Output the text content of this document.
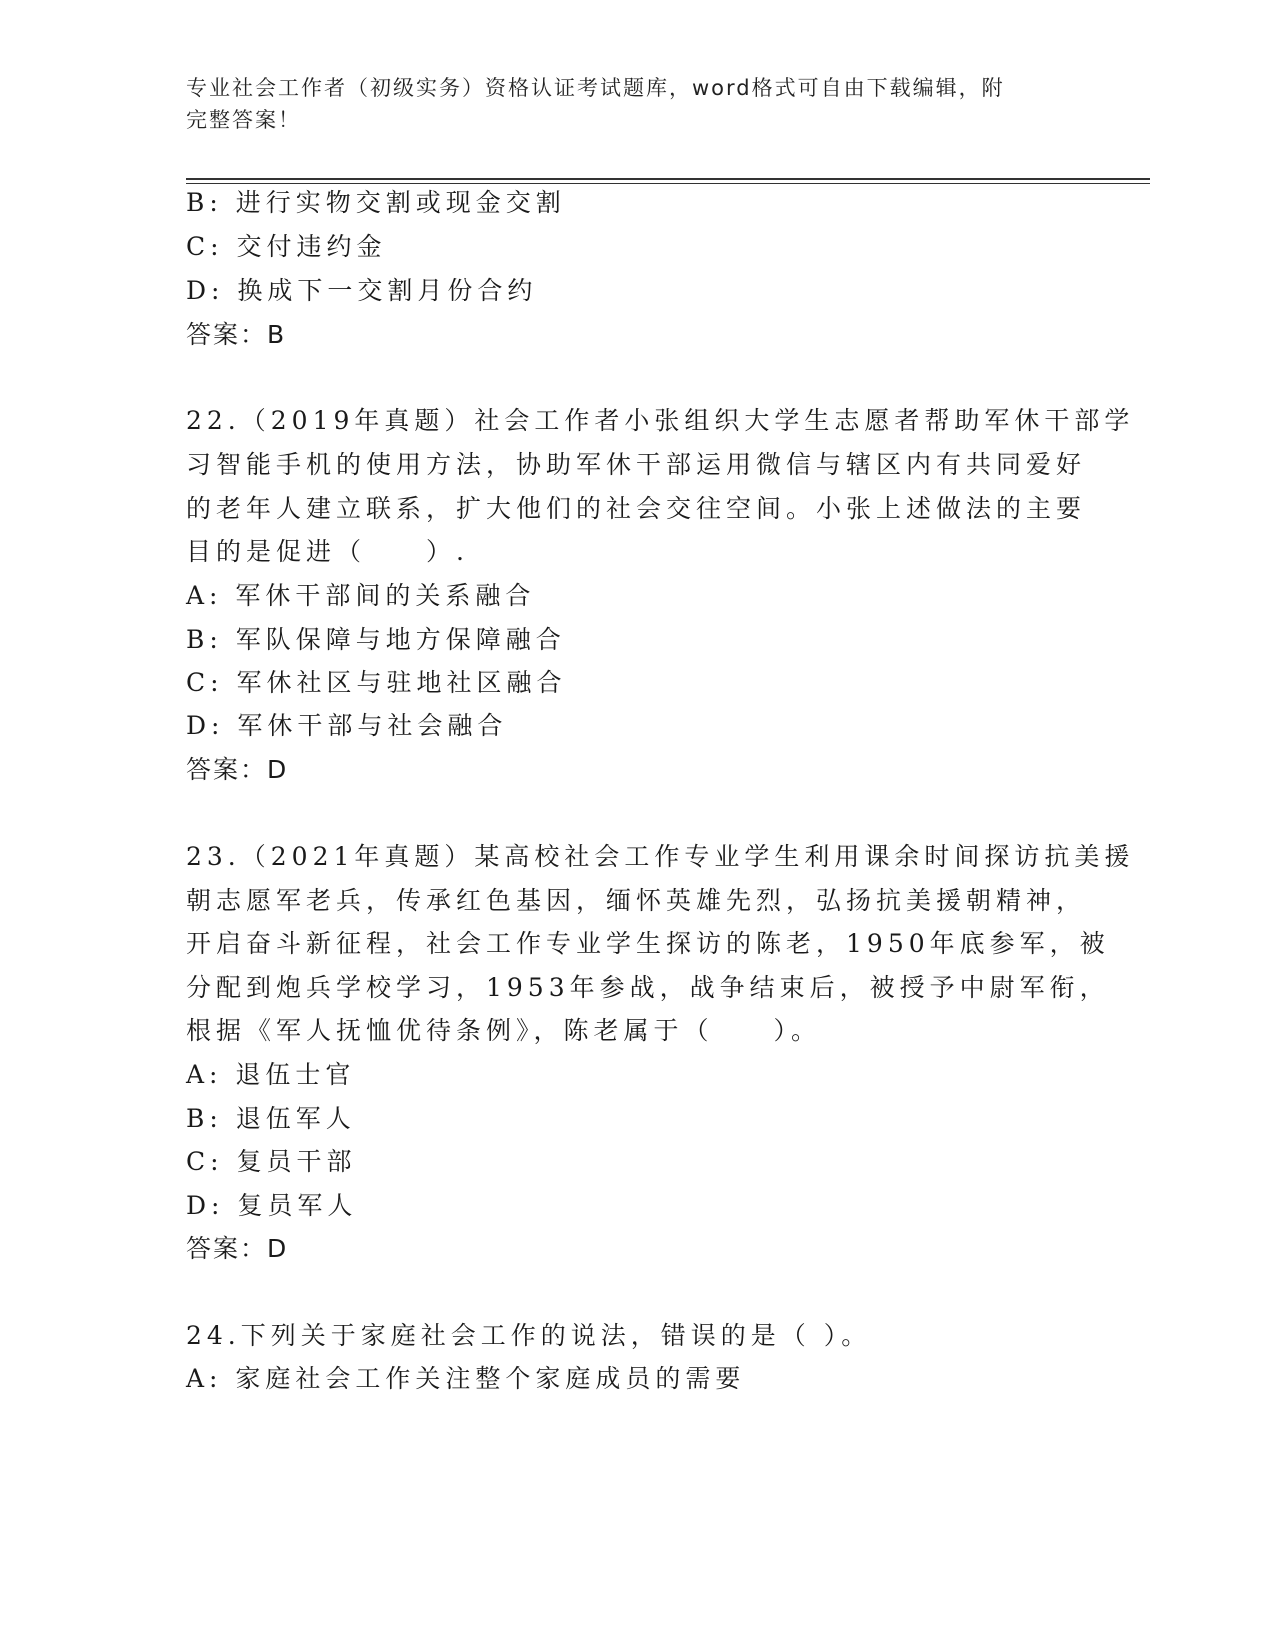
专业社会工作者（初级实务）资格认证考试题库，word格式可自由下载编辑，附
完整答案！
B: 进行实物交割或现金交割
C: 交付违约金
D: 换成下一交割月份合约
答案：B
22.（2019年真题）社会工作者小张组织大学生志愿者帮助军休干部学
习智能手机的使用方法，协助军休干部运用微信与辖区内有共同爱好
的老年人建立联系，扩大他们的社会交往空间。小张上述做法的主要
目的是促进（　　）.
A: 军休干部间的关系融合
B: 军队保障与地方保障融合
C: 军休社区与驻地社区融合
D: 军休干部与社会融合
答案：D
23.（2021年真题）某高校社会工作专业学生利用课余时间探访抗美援
朝志愿军老兵，传承红色基因，缅怀英雄先烈，弘扬抗美援朝精神，
开启奋斗新征程，社会工作专业学生探访的陈老，1950年底参军，被
分配到炮兵学校学习，1953年参战，战争结束后，被授予中尉军衔，
根据《军人抚恤优待条例》，陈老属于（　　）。
A: 退伍士官
B: 退伍军人
C: 复员干部
D: 复员军人
答案：D
24.下列关于家庭社会工作的说法，错误的是（ ）。
A: 家庭社会工作关注整个家庭成员的需要
